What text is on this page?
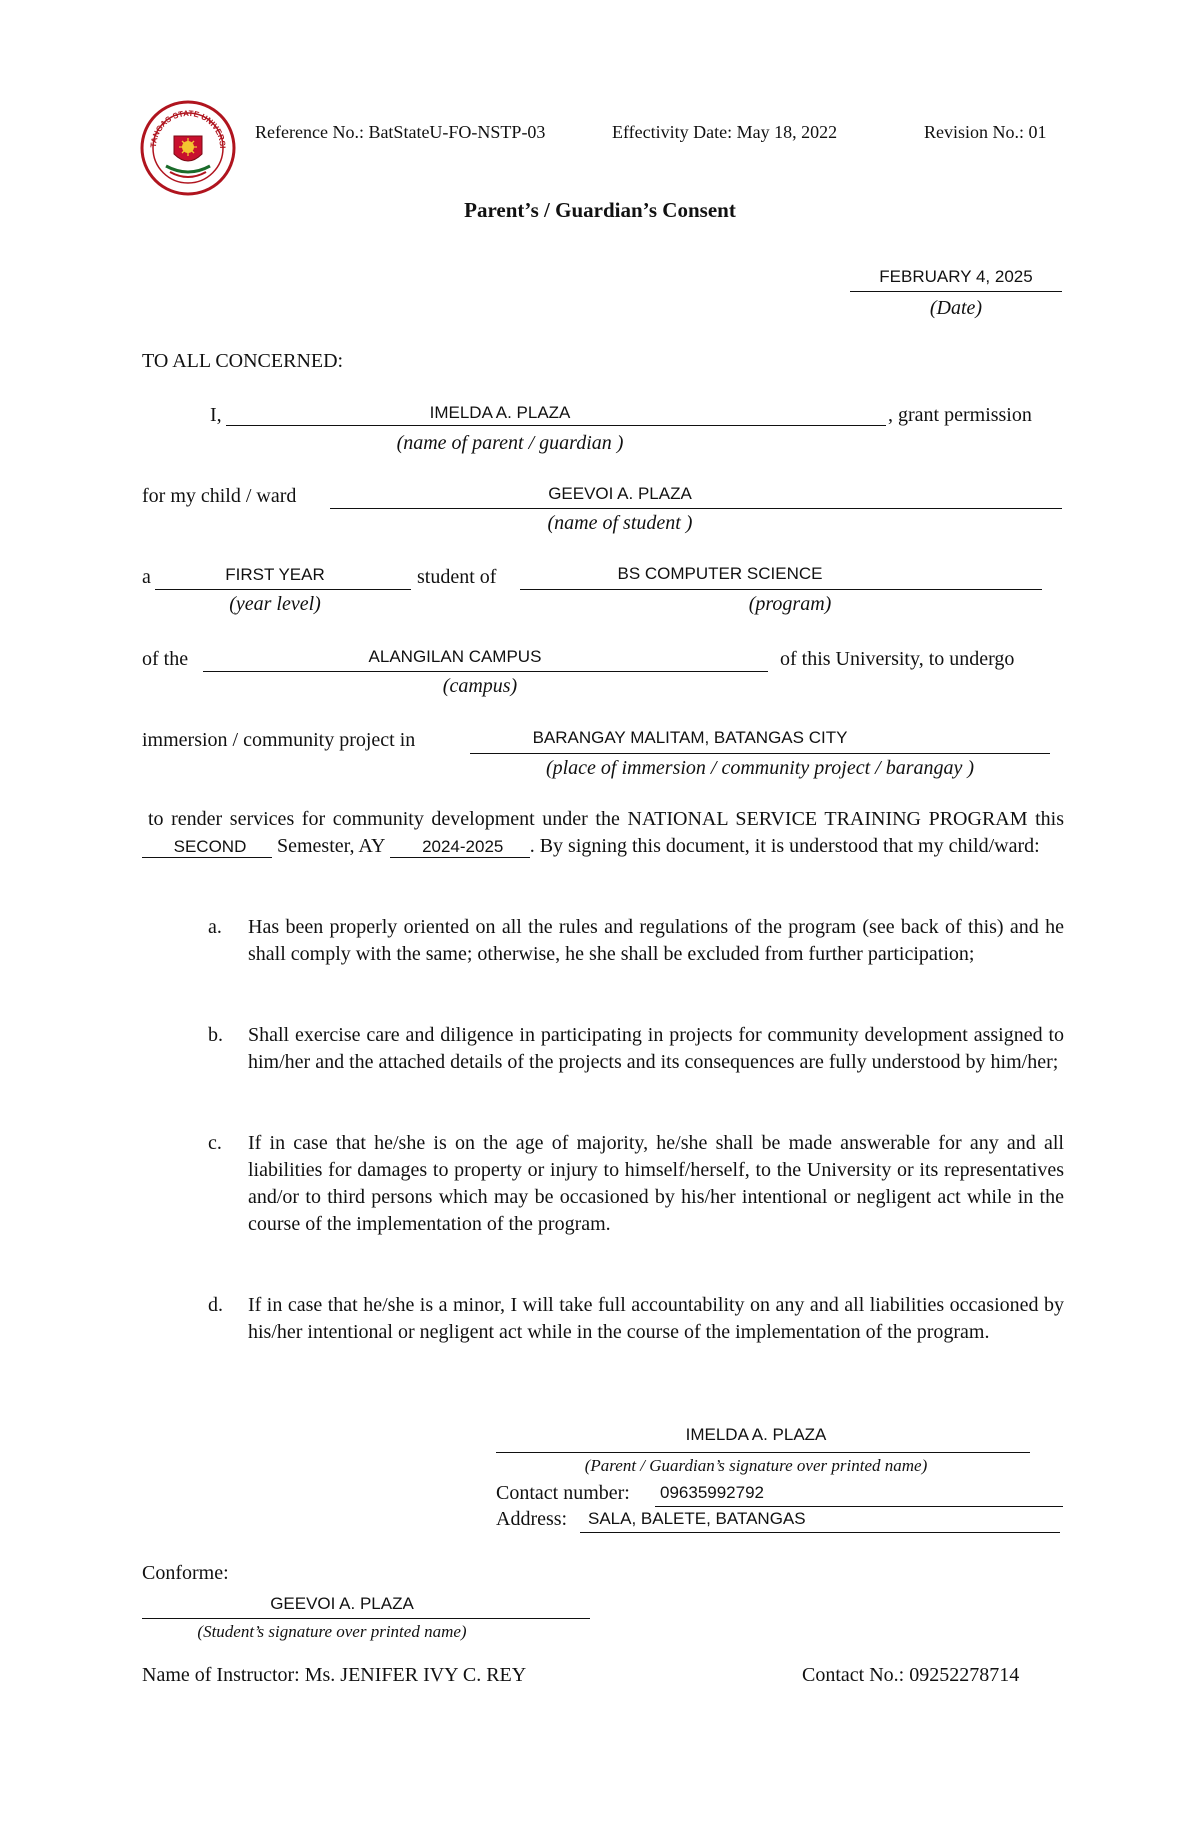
TANGAS STATE UNIVERSI
Reference No.: BatStateU-FO-NSTP-03	Effectivity Date: May 18, 2022	Revision No.: 01
Parent’s / Guardian’s Consent
FEBRUARY 4, 2025
(Date)
TO ALL CONCERNED:
I,	IMELDA A. PLAZA	, grant permission
(name of parent / guardian )
for my child / ward	GEEVOI A. PLAZA
(name of student )
a	FIRST YEAR
(year level)
student of	BS COMPUTER SCIENCE
(program)
of the	ALANGILAN CAMPUS	of this University, to undergo
(campus)
immersion / community project in	BARANGAY MALITAM, BATANGAS CITY
(place of immersion / community project / barangay )
to render services for community development under the NATIONAL SERVICE TRAINING PROGRAM this SECOND Semester, AY 2024-2025 . By signing this document, it is understood that my child/ward:
a.	Has been properly oriented on all the rules and regulations of the program (see back of this) and he shall comply with the same; otherwise, he she shall be excluded from further participation;
b.	Shall exercise care and diligence in participating in projects for community development assigned to him/her and the attached details of the projects and its consequences are fully understood by him/her;
c.	If in case that he/she is on the age of majority, he/she shall be made answerable for any and all liabilities for damages to property or injury to himself/herself, to the University or its representatives and/or to third persons which may be occasioned by his/her intentional or negligent act while in the course of the implementation of the program.
d.	If in case that he/she is a minor, I will take full accountability on any and all liabilities occasioned by his/her intentional or negligent act while in the course of the implementation of the program.
IMELDA A. PLAZA
(Parent / Guardian’s signature over printed name)
Contact number: 09635992792
Address: SALA, BALETE, BATANGAS
Conforme:
GEEVOI A. PLAZA
(Student’s signature over printed name)
Name of Instructor: Ms. JENIFER IVY C. REY	Contact No.: 09252278714
